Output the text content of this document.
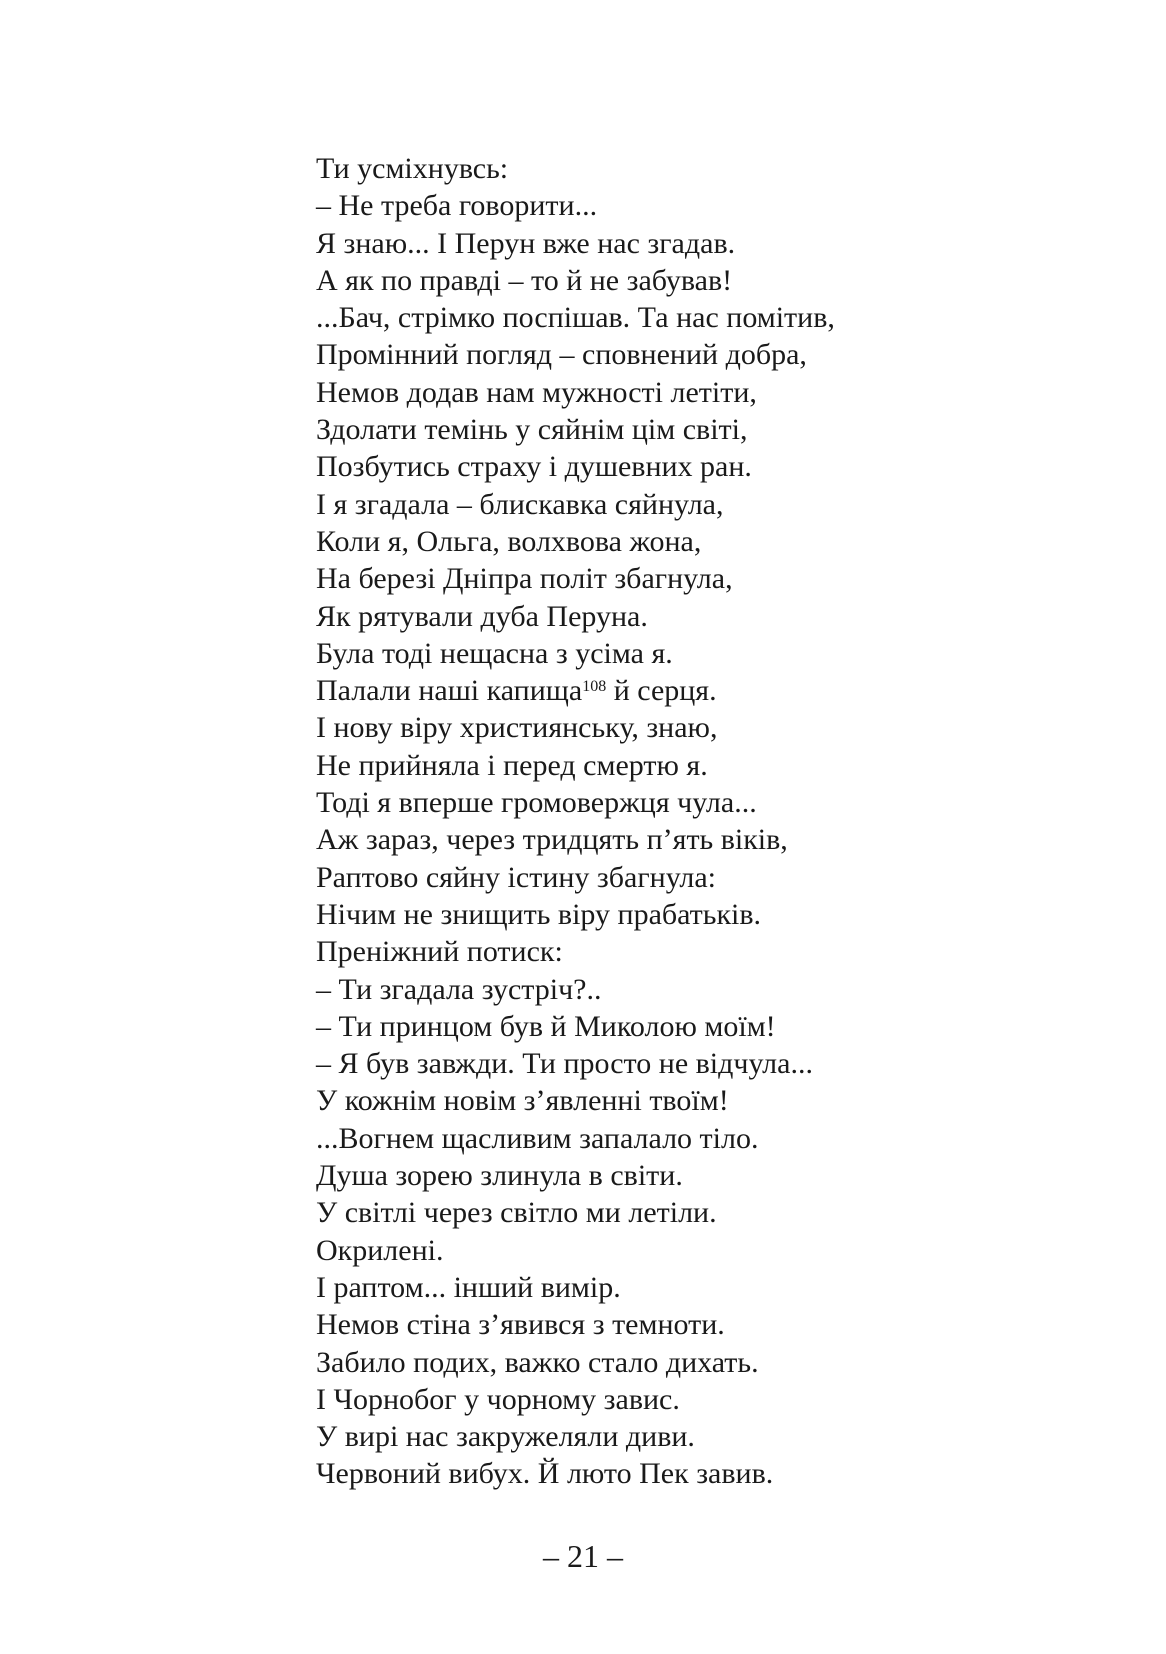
Ти усміхнувсь:
– Не треба говорити...
Я знаю... І Перун вже нас згадав.
А як по правді – то й не забував!
...Бач, стрімко поспішав. Та нас помітив,
Промінний погляд – сповнений добра,
Немов додав нам мужності летіти,
Здолати темінь у сяйнім цім світі,
Позбутись страху і душевних ран.
І я згадала – блискавка сяйнула,
Коли я, Ольга, волхвова жона,
На березі Дніпра політ збагнула,
Як рятували дуба Перуна.
Була тоді нещасна з усіма я.
Палали наші капища$^{108}$ й серця.
І нову віру християнську, знаю,
Не прийняла і перед смертю я.
Тоді я вперше громовержця чула...
Аж зараз, через тридцять п’ять віків,
Раптово сяйну істину збагнула:
Нічим не знищить віру прабатьків.
Преніжний потиск:
– Ти згадала зустріч?..
– Ти принцом був й Миколою моїм!
– Я був завжди. Ти просто не відчула...
У кожнім новім з’явленні твоїм!
...Вогнем щасливим запалало тіло.
Душа зорею злинула в світи.
У світлі через світло ми летіли.
Окрилені.
І раптом... інший вимір.
Немов стіна з’явився з темноти.
Забило подих, важко стало дихать.
І Чорнобог у чорному завис.
У вирі нас закружеляли диви.
Червоний вибух. Й люто Пек завив.

– 21 –
